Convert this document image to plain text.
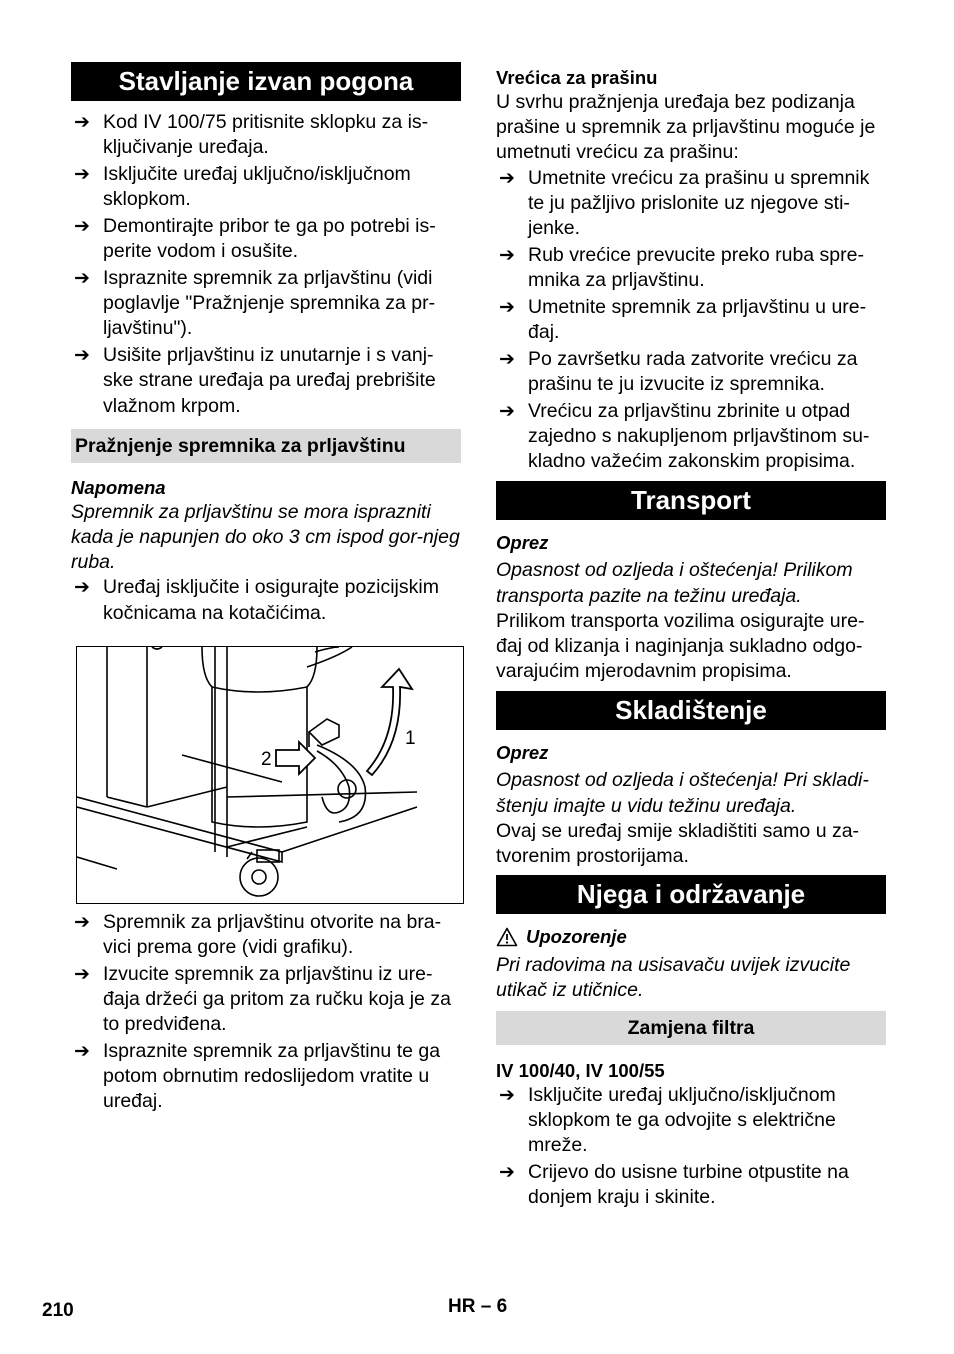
Stavljanje izvan pogona
➔ Kod IV 100/75 pritisnite sklopku za is-ključivanje uređaja.
➔ Isključite uređaj uključno/isključnom sklopkom.
➔ Demontirajte pribor te ga po potrebi is-perite vodom i osušite.
➔ Ispraznite spremnik za prljavštinu (vidi poglavlje "Pražnjenje spremnika za pr-ljavštinu").
➔ Usišite prljavštinu iz unutarnje i s vanj-ske strane uređaja pa uređaj prebrišite vlažnom krpom.
Pražnjenje spremnika za prljavštinu

Napomena

Spremnik za prljavštinu se mora isprazniti kada je napunjen do oko 3 cm ispod gor-njeg ruba.

➔ Uređaj isključite i osigurajte pozicijskim kočnicama na kotačićima.
1
2
➔ Spremnik za prljavštinu otvorite na bra-vici prema gore (vidi grafiku).
➔ Izvucite spremnik za prljavštinu iz ure-đaja držeći ga pritom za ručku koja je za to predviđena.
➔ Ispraznite spremnik za prljavštinu te ga potom obrnutim redoslijedom vratite u uređaj.

Vrećica za prašinu

U svrhu pražnjenja uređaja bez podizanja prašine u spremnik za prljavštinu moguće je umetnuti vrećicu za prašinu:

➔ Umetnite vrećicu za prašinu u spremnik te ju pažljivo prislonite uz njegove sti-jenke.
➔ Rub vrećice prevucite preko ruba spre-mnika za prljavštinu.
➔ Umetnite spremnik za prljavštinu u ure-đaj.
➔ Po završetku rada zatvorite vrećicu za prašinu te ju izvucite iz spremnika.
➔ Vrećicu za prljavštinu zbrinite u otpad zajedno s nakupljenom prljavštinom su-kladno važećim zakonskim propisima.
Transport

Oprez

Opasnost od ozljeda i oštećenja! Prilikom transporta pazite na težinu uređaja.

Prilikom transporta vozilima osigurajte ure-đaj od klizanja i naginjanja sukladno odgo-varajućim mjerodavnim propisima.

Skladištenje

Oprez

Opasnost od ozljeda i oštećenja! Pri skladi-štenju imajte u vidu težinu uređaja.

Ovaj se uređaj smije skladištiti samo u za-tvorenim prostorijama.

Njega i održavanje
Upozorenje

Pri radovima na usisavaču uvijek izvucite utikač iz utičnice.

Zamjena filtra

IV 100/40, IV 100/55

➔ Isključite uređaj uključno/isključnom sklopkom te ga odvojite s električne mreže.
➔ Crijevo do usisne turbine otpustite na donjem kraju i skinite.
210	HR – 6
